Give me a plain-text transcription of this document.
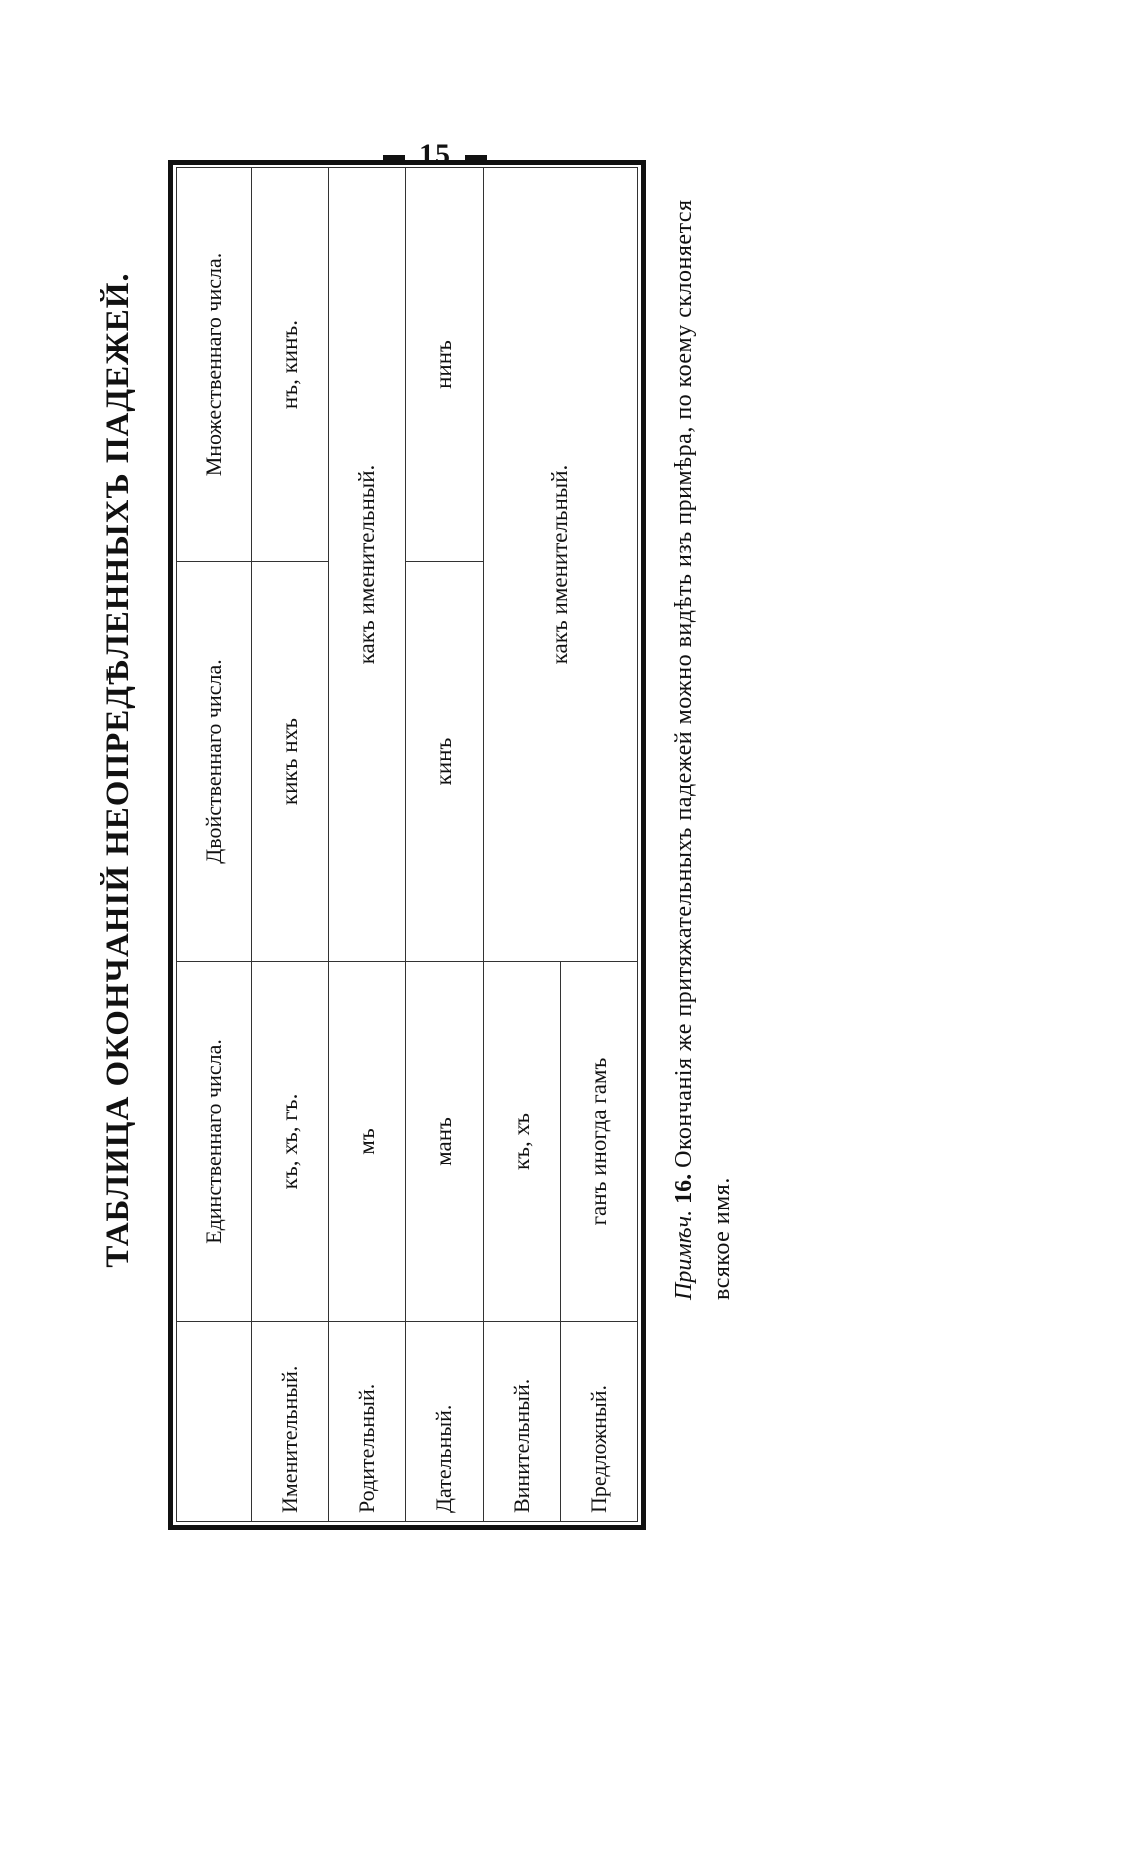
15
ТАБЛИЦА ОКОНЧАНІЙ НЕОПРЕДѢЛЕННЫХЪ ПАДЕЖЕЙ.
		Единственнаго числа.	Двойственнаго числа.	Множественнаго числа.
Именительный.	къ, хъ, гъ.	кикъ нхъ	нъ, кинъ.
Родительный.	мъ	какъ именительный.	
Дательный.	манъ	кинъ	нинъ
Винительный.	къ, хъ	какъ именительный.	
Предложный.	ганъ иногда гамъ		
Примѣч. 16. Окончанія же притяжательныхъ падежей можно видѣть изъ примѣра, по коему склоняется всякое имя.
